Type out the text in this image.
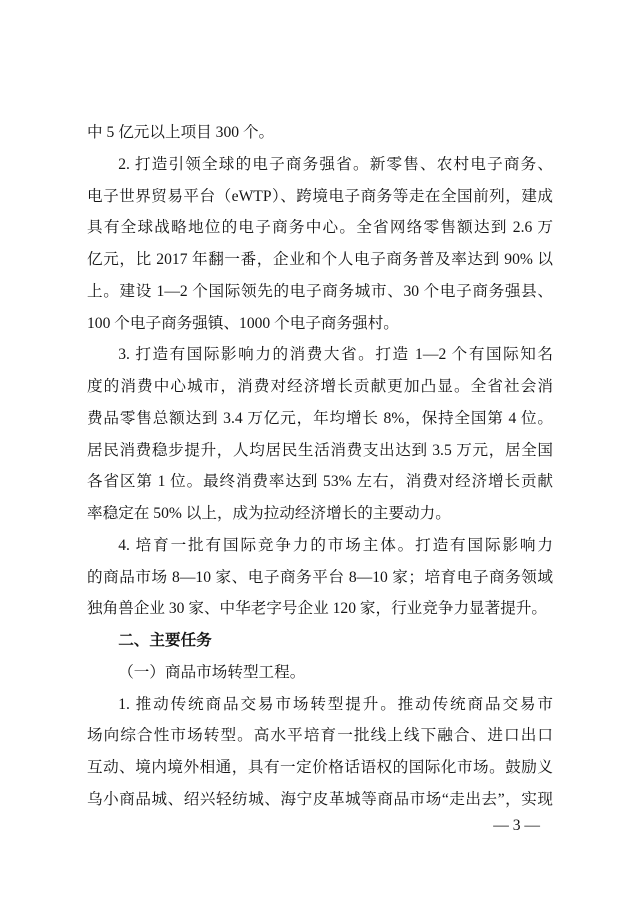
中 5 亿元以上项目 300 个。
2. 打造引领全球的电子商务强省。新零售、农村电子商务、
电子世界贸易平台（eWTP）、跨境电子商务等走在全国前列，建成
具有全球战略地位的电子商务中心。全省网络零售额达到 2.6 万
亿元，比 2017 年翻一番，企业和个人电子商务普及率达到 90% 以
上。建设 1—2 个国际领先的电子商务城市、30 个电子商务强县、
100 个电子商务强镇、1000 个电子商务强村。
3. 打造有国际影响力的消费大省。打造 1—2 个有国际知名
度的消费中心城市，消费对经济增长贡献更加凸显。全省社会消
费品零售总额达到 3.4 万亿元，年均增长 8%，保持全国第 4 位。
居民消费稳步提升，人均居民生活消费支出达到 3.5 万元，居全国
各省区第 1 位。最终消费率达到 53% 左右，消费对经济增长贡献
率稳定在 50% 以上，成为拉动经济增长的主要动力。
4. 培育一批有国际竞争力的市场主体。打造有国际影响力
的商品市场 8—10 家、电子商务平台 8—10 家；培育电子商务领域
独角兽企业 30 家、中华老字号企业 120 家，行业竞争力显著提升。
二、主要任务
（一）商品市场转型工程。
1. 推动传统商品交易市场转型提升。推动传统商品交易市
场向综合性市场转型。高水平培育一批线上线下融合、进口出口
互动、境内境外相通，具有一定价格话语权的国际化市场。鼓励义
乌小商品城、绍兴轻纺城、海宁皮革城等商品市场“走出去”，实现
— 3 —
